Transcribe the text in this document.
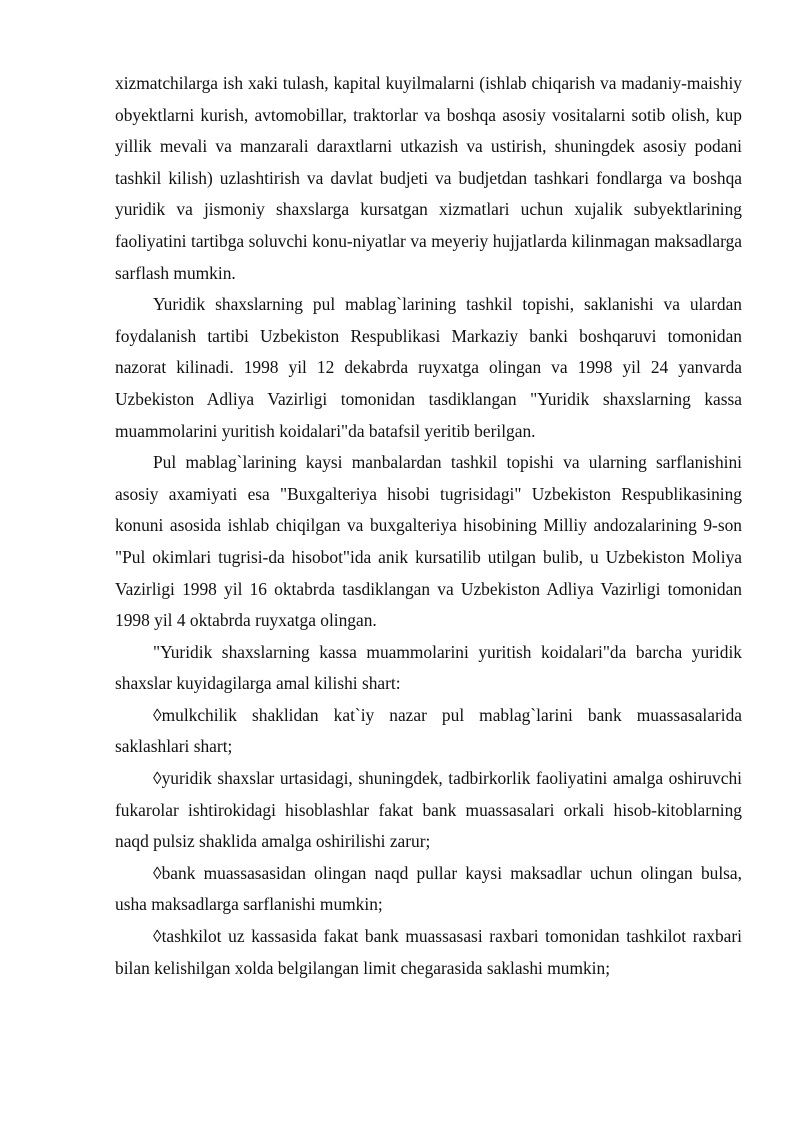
xizmatchilarga ish xaki tulash, kapital kuyilmalarni (ishlab chiqarish va madaniy-maishiy obyektlarni kurish, avtomobillar, traktorlar va boshqa asosiy vositalarni sotib olish, kup yillik mevali va manzarali daraxtlarni utkazish va ustirish, shuningdek asosiy podani tashkil kilish) uzlashtirish va davlat budjeti va budjetdan tashkari fondlarga va boshqa yuridik va jismoniy shaxslarga kursatgan xizmatlari uchun xujalik subyektlarining faoliyatini tartibga soluvchi konu-niyatlar va meyeriy hujjatlarda kilinmagan maksadlarga sarflash mumkin.

Yuridik shaxslarning pul mablag`larining tashkil topishi, saklanishi va ulardan foydalanish tartibi Uzbekiston Respublikasi Markaziy banki boshqaruvi tomonidan nazorat kilinadi. 1998 yil 12 dekabrda ruyxatga olingan va 1998 yil 24 yanvarda Uzbekiston Adliya Vazirligi tomonidan tasdiklangan "Yuridik shaxslarning kassa muammolarini yuritish koidalari"da batafsil yeritib berilgan.

Pul mablag`larining kaysi manbalardan tashkil topishi va ularning sarflanishini asosiy axamiyati esa "Buxgalteriya hisobi tugrisidagi" Uzbekiston Respublikasining konuni asosida ishlab chiqilgan va buxgalteriya hisobining Milliy andozalarining 9-son "Pul okimlari tugrisi-da hisobot"ida anik kursatilib utilgan bulib, u Uzbekiston Moliya Vazirligi 1998 yil 16 oktabrda tasdiklangan va Uzbekiston Adliya Vazirligi tomonidan 1998 yil 4 oktabrda ruyxatga olingan.

"Yuridik shaxslarning kassa muammolarini yuritish koidalari"da barcha yuridik shaxslar kuyidagilarga amal kilishi shart:

◊mulkchilik shaklidan kat`iy nazar pul mablag`larini bank muassasalarida saklashlari shart;

◊yuridik shaxslar urtasidagi, shuningdek, tadbirkorlik faoliyatini amalga oshiruvchi fukarolar ishtirokidagi hisoblashlar fakat bank muassasalari orkali hisob-kitoblarning naqd pulsiz shaklida amalga oshirilishi zarur;

◊bank muassasasidan olingan naqd pullar kaysi maksadlar uchun olingan bulsa, usha maksadlarga sarflanishi mumkin;

◊tashkilot uz kassasida fakat bank muassasasi raxbari tomonidan tashkilot raxbari bilan kelishilgan xolda belgilangan limit chegarasida saklashi mumkin;
